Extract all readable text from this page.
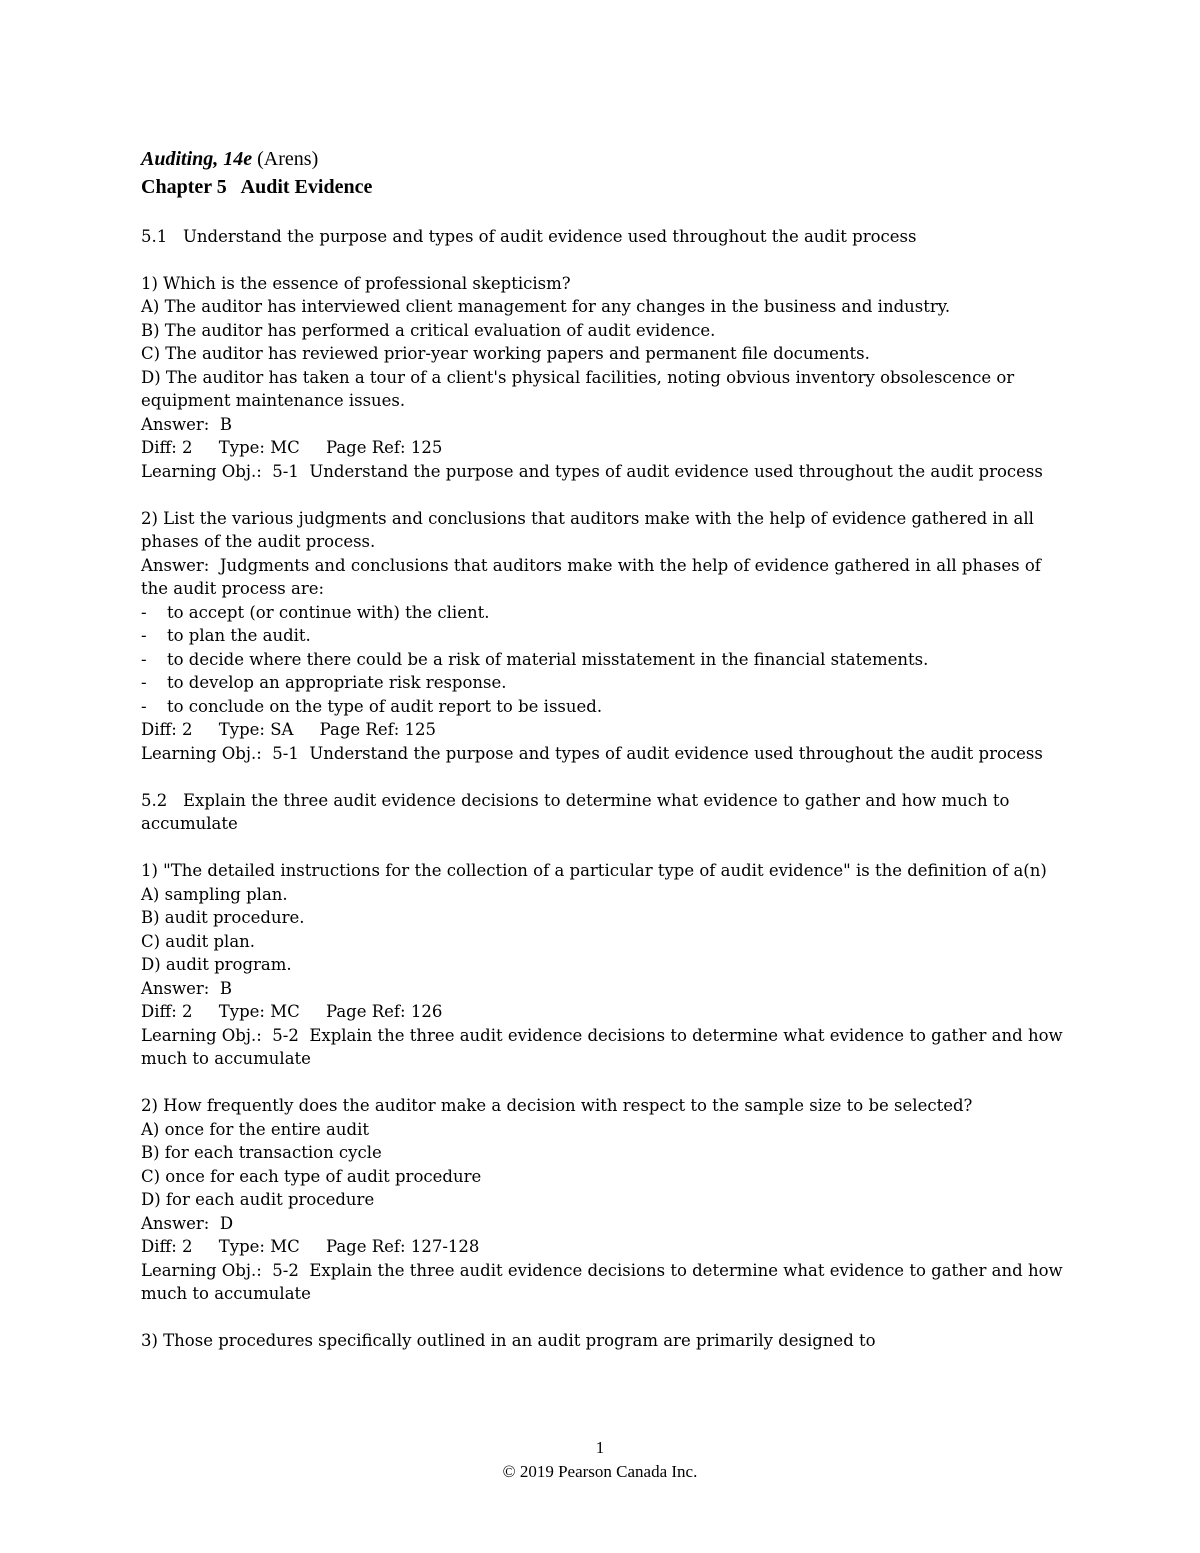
Auditing, 14e (Arens)
Chapter 5   Audit Evidence
5.1   Understand the purpose and types of audit evidence used throughout the audit process
1) Which is the essence of professional skepticism?
A) The auditor has interviewed client management for any changes in the business and industry.
B) The auditor has performed a critical evaluation of audit evidence.
C) The auditor has reviewed prior-year working papers and permanent file documents.
D) The auditor has taken a tour of a client's physical facilities, noting obvious inventory obsolescence or equipment maintenance issues.
Answer:  B
Diff: 2     Type: MC     Page Ref: 125
Learning Obj.:  5-1  Understand the purpose and types of audit evidence used throughout the audit process
2) List the various judgments and conclusions that auditors make with the help of evidence gathered in all phases of the audit process.
Answer:  Judgments and conclusions that auditors make with the help of evidence gathered in all phases of the audit process are:
-	to accept (or continue with) the client.
-	to plan the audit.
-	to decide where there could be a risk of material misstatement in the financial statements.
-	to develop an appropriate risk response.
-	to conclude on the type of audit report to be issued.
Diff: 2     Type: SA     Page Ref: 125
Learning Obj.:  5-1  Understand the purpose and types of audit evidence used throughout the audit process
5.2   Explain the three audit evidence decisions to determine what evidence to gather and how much to accumulate
1) "The detailed instructions for the collection of a particular type of audit evidence" is the definition of a(n)
A) sampling plan.
B) audit procedure.
C) audit plan.
D) audit program.
Answer:  B
Diff: 2     Type: MC     Page Ref: 126
Learning Obj.:  5-2  Explain the three audit evidence decisions to determine what evidence to gather and how much to accumulate
2) How frequently does the auditor make a decision with respect to the sample size to be selected?
A) once for the entire audit
B) for each transaction cycle
C) once for each type of audit procedure
D) for each audit procedure
Answer:  D
Diff: 2     Type: MC     Page Ref: 127-128
Learning Obj.:  5-2  Explain the three audit evidence decisions to determine what evidence to gather and how much to accumulate
3) Those procedures specifically outlined in an audit program are primarily designed to
1
© 2019 Pearson Canada Inc.
